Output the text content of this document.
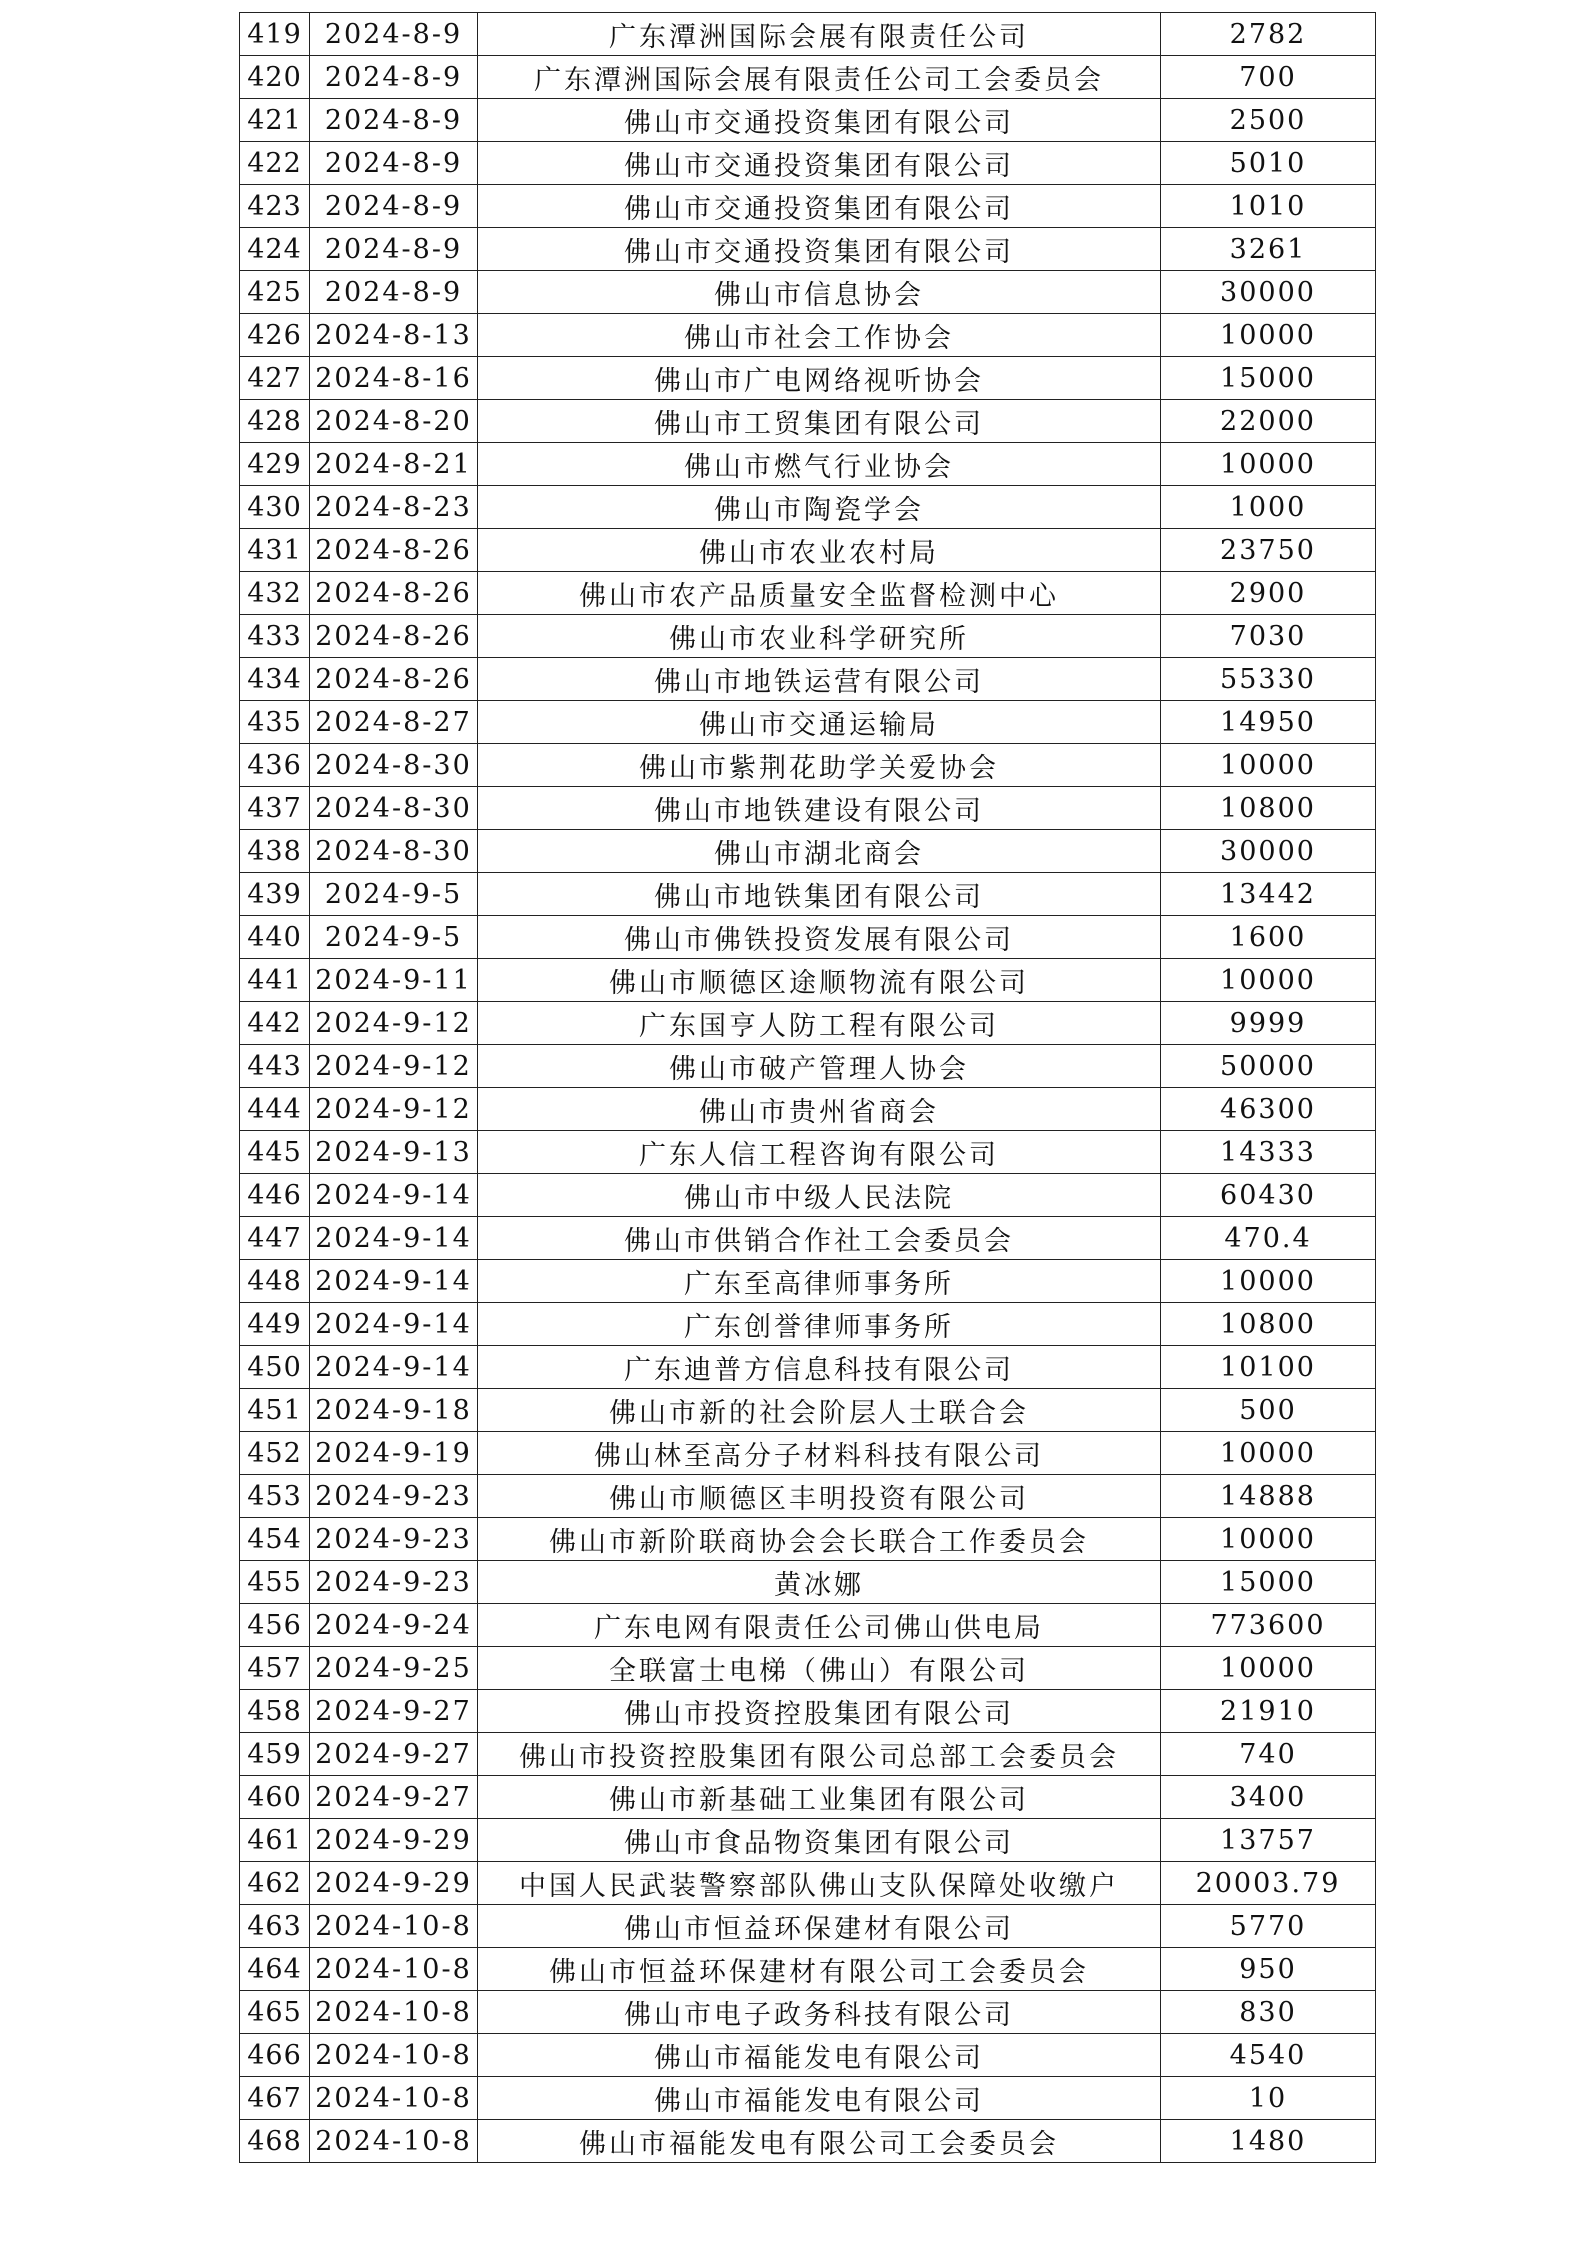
419	2024-8-9	广东潭洲国际会展有限责任公司	2782
420	2024-8-9	广东潭洲国际会展有限责任公司工会委员会	700
421	2024-8-9	佛山市交通投资集团有限公司	2500
422	2024-8-9	佛山市交通投资集团有限公司	5010
423	2024-8-9	佛山市交通投资集团有限公司	1010
424	2024-8-9	佛山市交通投资集团有限公司	3261
425	2024-8-9	佛山市信息协会	30000
426	2024-8-13	佛山市社会工作协会	10000
427	2024-8-16	佛山市广电网络视听协会	15000
428	2024-8-20	佛山市工贸集团有限公司	22000
429	2024-8-21	佛山市燃气行业协会	10000
430	2024-8-23	佛山市陶瓷学会	1000
431	2024-8-26	佛山市农业农村局	23750
432	2024-8-26	佛山市农产品质量安全监督检测中心	2900
433	2024-8-26	佛山市农业科学研究所	7030
434	2024-8-26	佛山市地铁运营有限公司	55330
435	2024-8-27	佛山市交通运输局	14950
436	2024-8-30	佛山市紫荆花助学关爱协会	10000
437	2024-8-30	佛山市地铁建设有限公司	10800
438	2024-8-30	佛山市湖北商会	30000
439	2024-9-5	佛山市地铁集团有限公司	13442
440	2024-9-5	佛山市佛铁投资发展有限公司	1600
441	2024-9-11	佛山市顺德区途顺物流有限公司	10000
442	2024-9-12	广东国亨人防工程有限公司	9999
443	2024-9-12	佛山市破产管理人协会	50000
444	2024-9-12	佛山市贵州省商会	46300
445	2024-9-13	广东人信工程咨询有限公司	14333
446	2024-9-14	佛山市中级人民法院	60430
447	2024-9-14	佛山市供销合作社工会委员会	470.4
448	2024-9-14	广东至高律师事务所	10000
449	2024-9-14	广东创誉律师事务所	10800
450	2024-9-14	广东迪普方信息科技有限公司	10100
451	2024-9-18	佛山市新的社会阶层人士联合会	500
452	2024-9-19	佛山林至高分子材料科技有限公司	10000
453	2024-9-23	佛山市顺德区丰明投资有限公司	14888
454	2024-9-23	佛山市新阶联商协会会长联合工作委员会	10000
455	2024-9-23	黄冰娜	15000
456	2024-9-24	广东电网有限责任公司佛山供电局	773600
457	2024-9-25	全联富士电梯（佛山）有限公司	10000
458	2024-9-27	佛山市投资控股集团有限公司	21910
459	2024-9-27	佛山市投资控股集团有限公司总部工会委员会	740
460	2024-9-27	佛山市新基础工业集团有限公司	3400
461	2024-9-29	佛山市食品物资集团有限公司	13757
462	2024-9-29	中国人民武装警察部队佛山支队保障处收缴户	20003.79
463	2024-10-8	佛山市恒益环保建材有限公司	5770
464	2024-10-8	佛山市恒益环保建材有限公司工会委员会	950
465	2024-10-8	佛山市电子政务科技有限公司	830
466	2024-10-8	佛山市福能发电有限公司	4540
467	2024-10-8	佛山市福能发电有限公司	10
468	2024-10-8	佛山市福能发电有限公司工会委员会	1480
